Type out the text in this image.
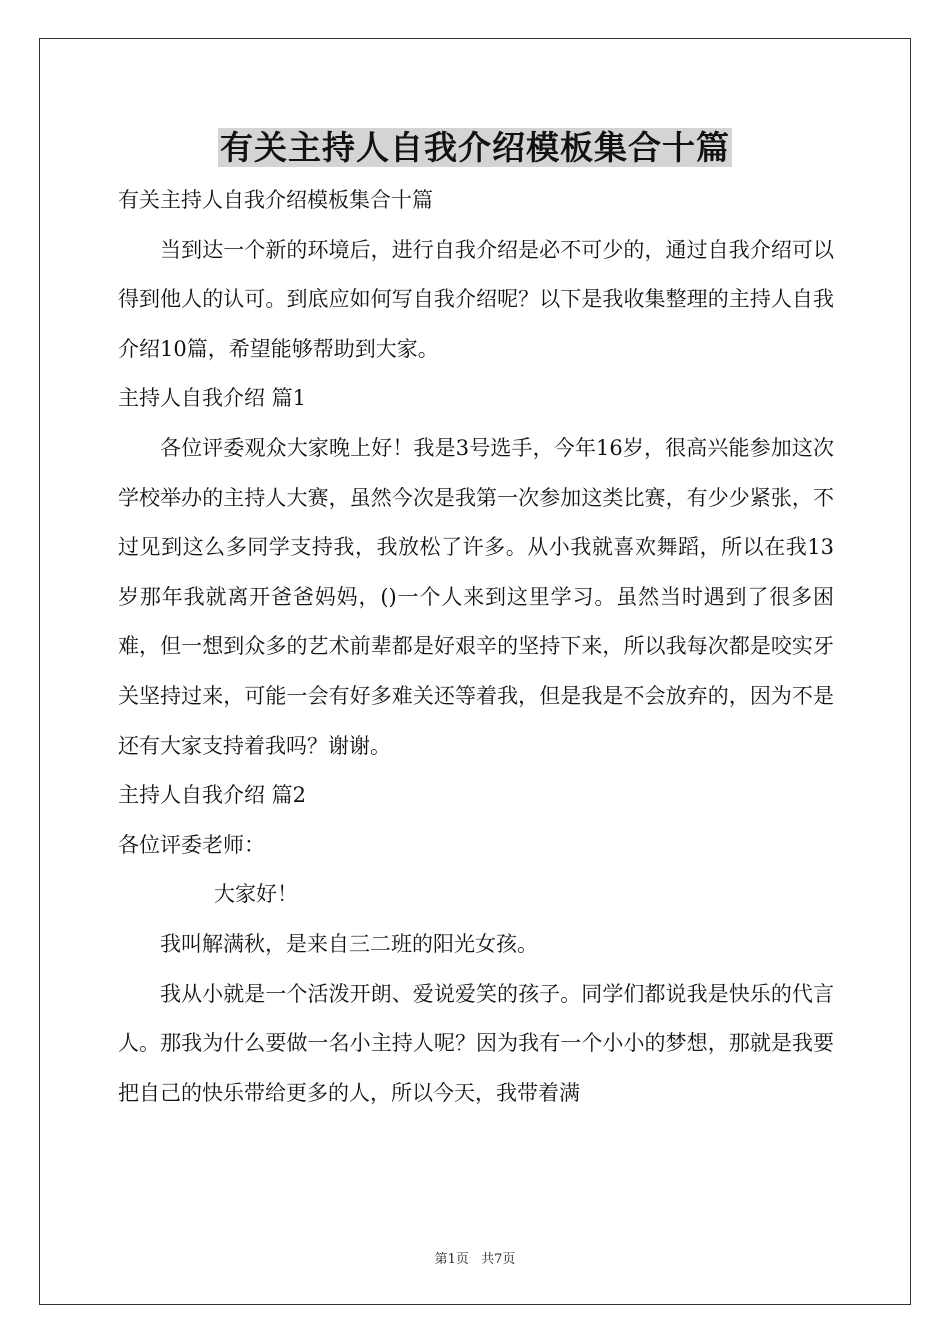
有关主持人自我介绍模板集合十篇

有关主持人自我介绍模板集合十篇

当到达一个新的环境后，进行自我介绍是必不可少的，通过自我介绍可以得到他人的认可。到底应如何写自我介绍呢？以下是我收集整理的主持人自我介绍10篇，希望能够帮助到大家。

主持人自我介绍 篇1

各位评委观众大家晚上好！我是3号选手，今年16岁，很高兴能参加这次学校举办的主持人大赛，虽然今次是我第一次参加这类比赛，有少少紧张，不过见到这么多同学支持我，我放松了许多。从小我就喜欢舞蹈，所以在我13岁那年我就离开爸爸妈妈，()一个人来到这里学习。虽然当时遇到了很多困难，但一想到众多的艺术前辈都是好艰辛的坚持下来，所以我每次都是咬实牙关坚持过来，可能一会有好多难关还等着我，但是我是不会放弃的，因为不是还有大家支持着我吗？谢谢。

主持人自我介绍 篇2

各位评委老师：

大家好！

我叫解满秋，是来自三二班的阳光女孩。

我从小就是一个活泼开朗、爱说爱笑的孩子。同学们都说我是快乐的代言人。那我为什么要做一名小主持人呢？因为我有一个小小的梦想，那就是我要把自己的快乐带给更多的人，所以今天，我带着满

第1页 共7页
